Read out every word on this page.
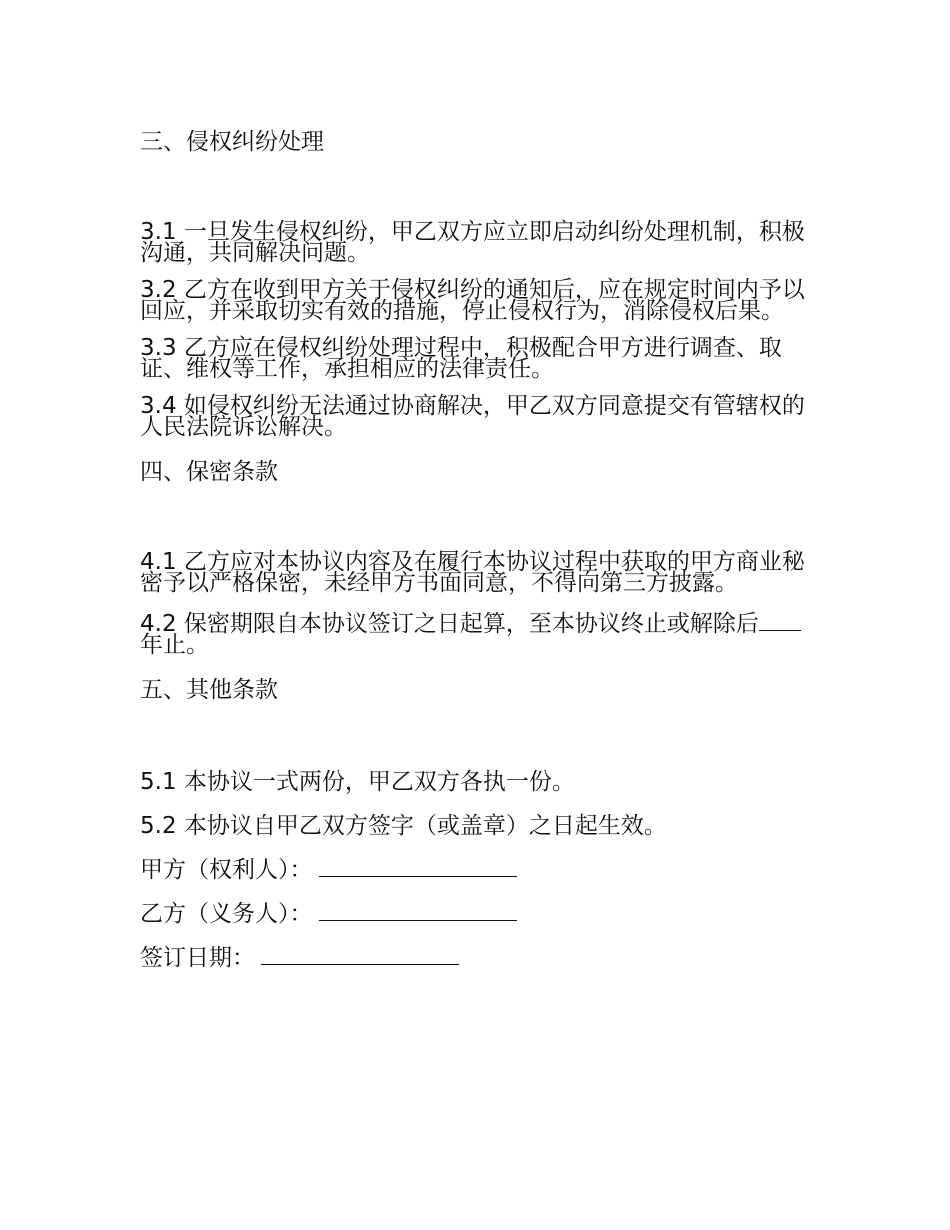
三、侵权纠纷处理

3.1 一旦发生侵权纠纷，甲乙双方应立即启动纠纷处理机制，积极沟通，共同解决问题。

3.2 乙方在收到甲方关于侵权纠纷的通知后，应在规定时间内予以回应，并采取切实有效的措施，停止侵权行为，消除侵权后果。

3.3 乙方应在侵权纠纷处理过程中，积极配合甲方进行调查、取证、维权等工作，承担相应的法律责任。

3.4 如侵权纠纷无法通过协商解决，甲乙双方同意提交有管辖权的人民法院诉讼解决。

四、保密条款

4.1 乙方应对本协议内容及在履行本协议过程中获取的甲方商业秘密予以严格保密，未经甲方书面同意，不得向第三方披露。

4.2 保密期限自本协议签订之日起算，至本协议终止或解除后年止。

五、其他条款

5.1 本协议一式两份，甲乙双方各执一份。

5.2 本协议自甲乙双方签字（或盖章）之日起生效。

甲方（权利人）：

乙方（义务人）：

签订日期：
